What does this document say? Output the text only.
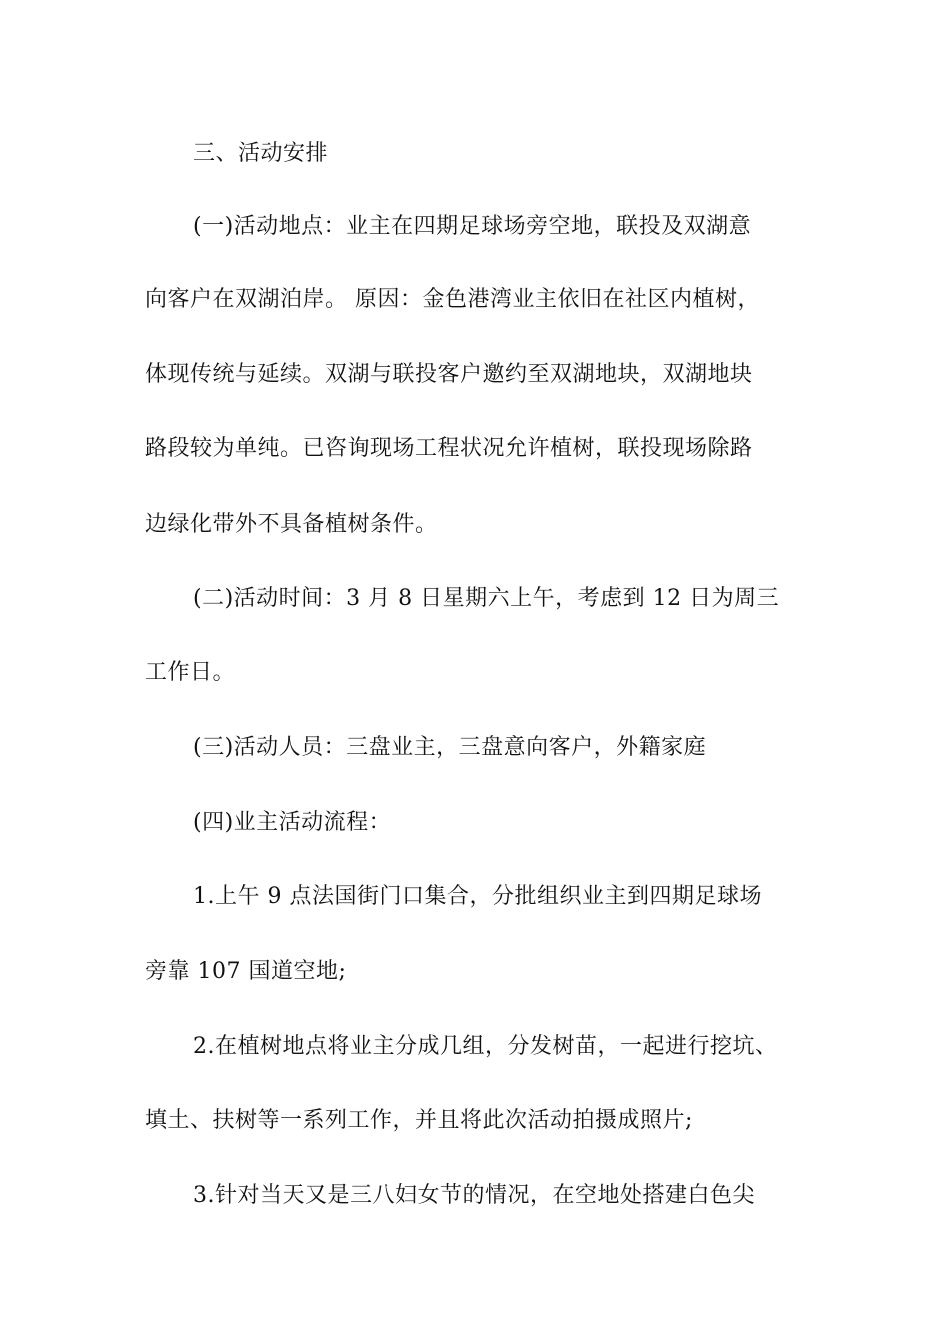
三、活动安排
(一)活动地点：业主在四期足球场旁空地，联投及双湖意
向客户在双湖泊岸。 原因：金色港湾业主依旧在社区内植树，
体现传统与延续。双湖与联投客户邀约至双湖地块，双湖地块
路段较为单纯。已咨询现场工程状况允许植树，联投现场除路
边绿化带外不具备植树条件。
(二)活动时间：3 月 8 日星期六上午，考虑到 12 日为周三
工作日。
(三)活动人员：三盘业主，三盘意向客户，外籍家庭
(四)业主活动流程：
1.上午 9 点法国街门口集合，分批组织业主到四期足球场
旁靠 107 国道空地;
2.在植树地点将业主分成几组，分发树苗，一起进行挖坑、
填土、扶树等一系列工作，并且将此次活动拍摄成照片;
3.针对当天又是三八妇女节的情况，在空地处搭建白色尖
